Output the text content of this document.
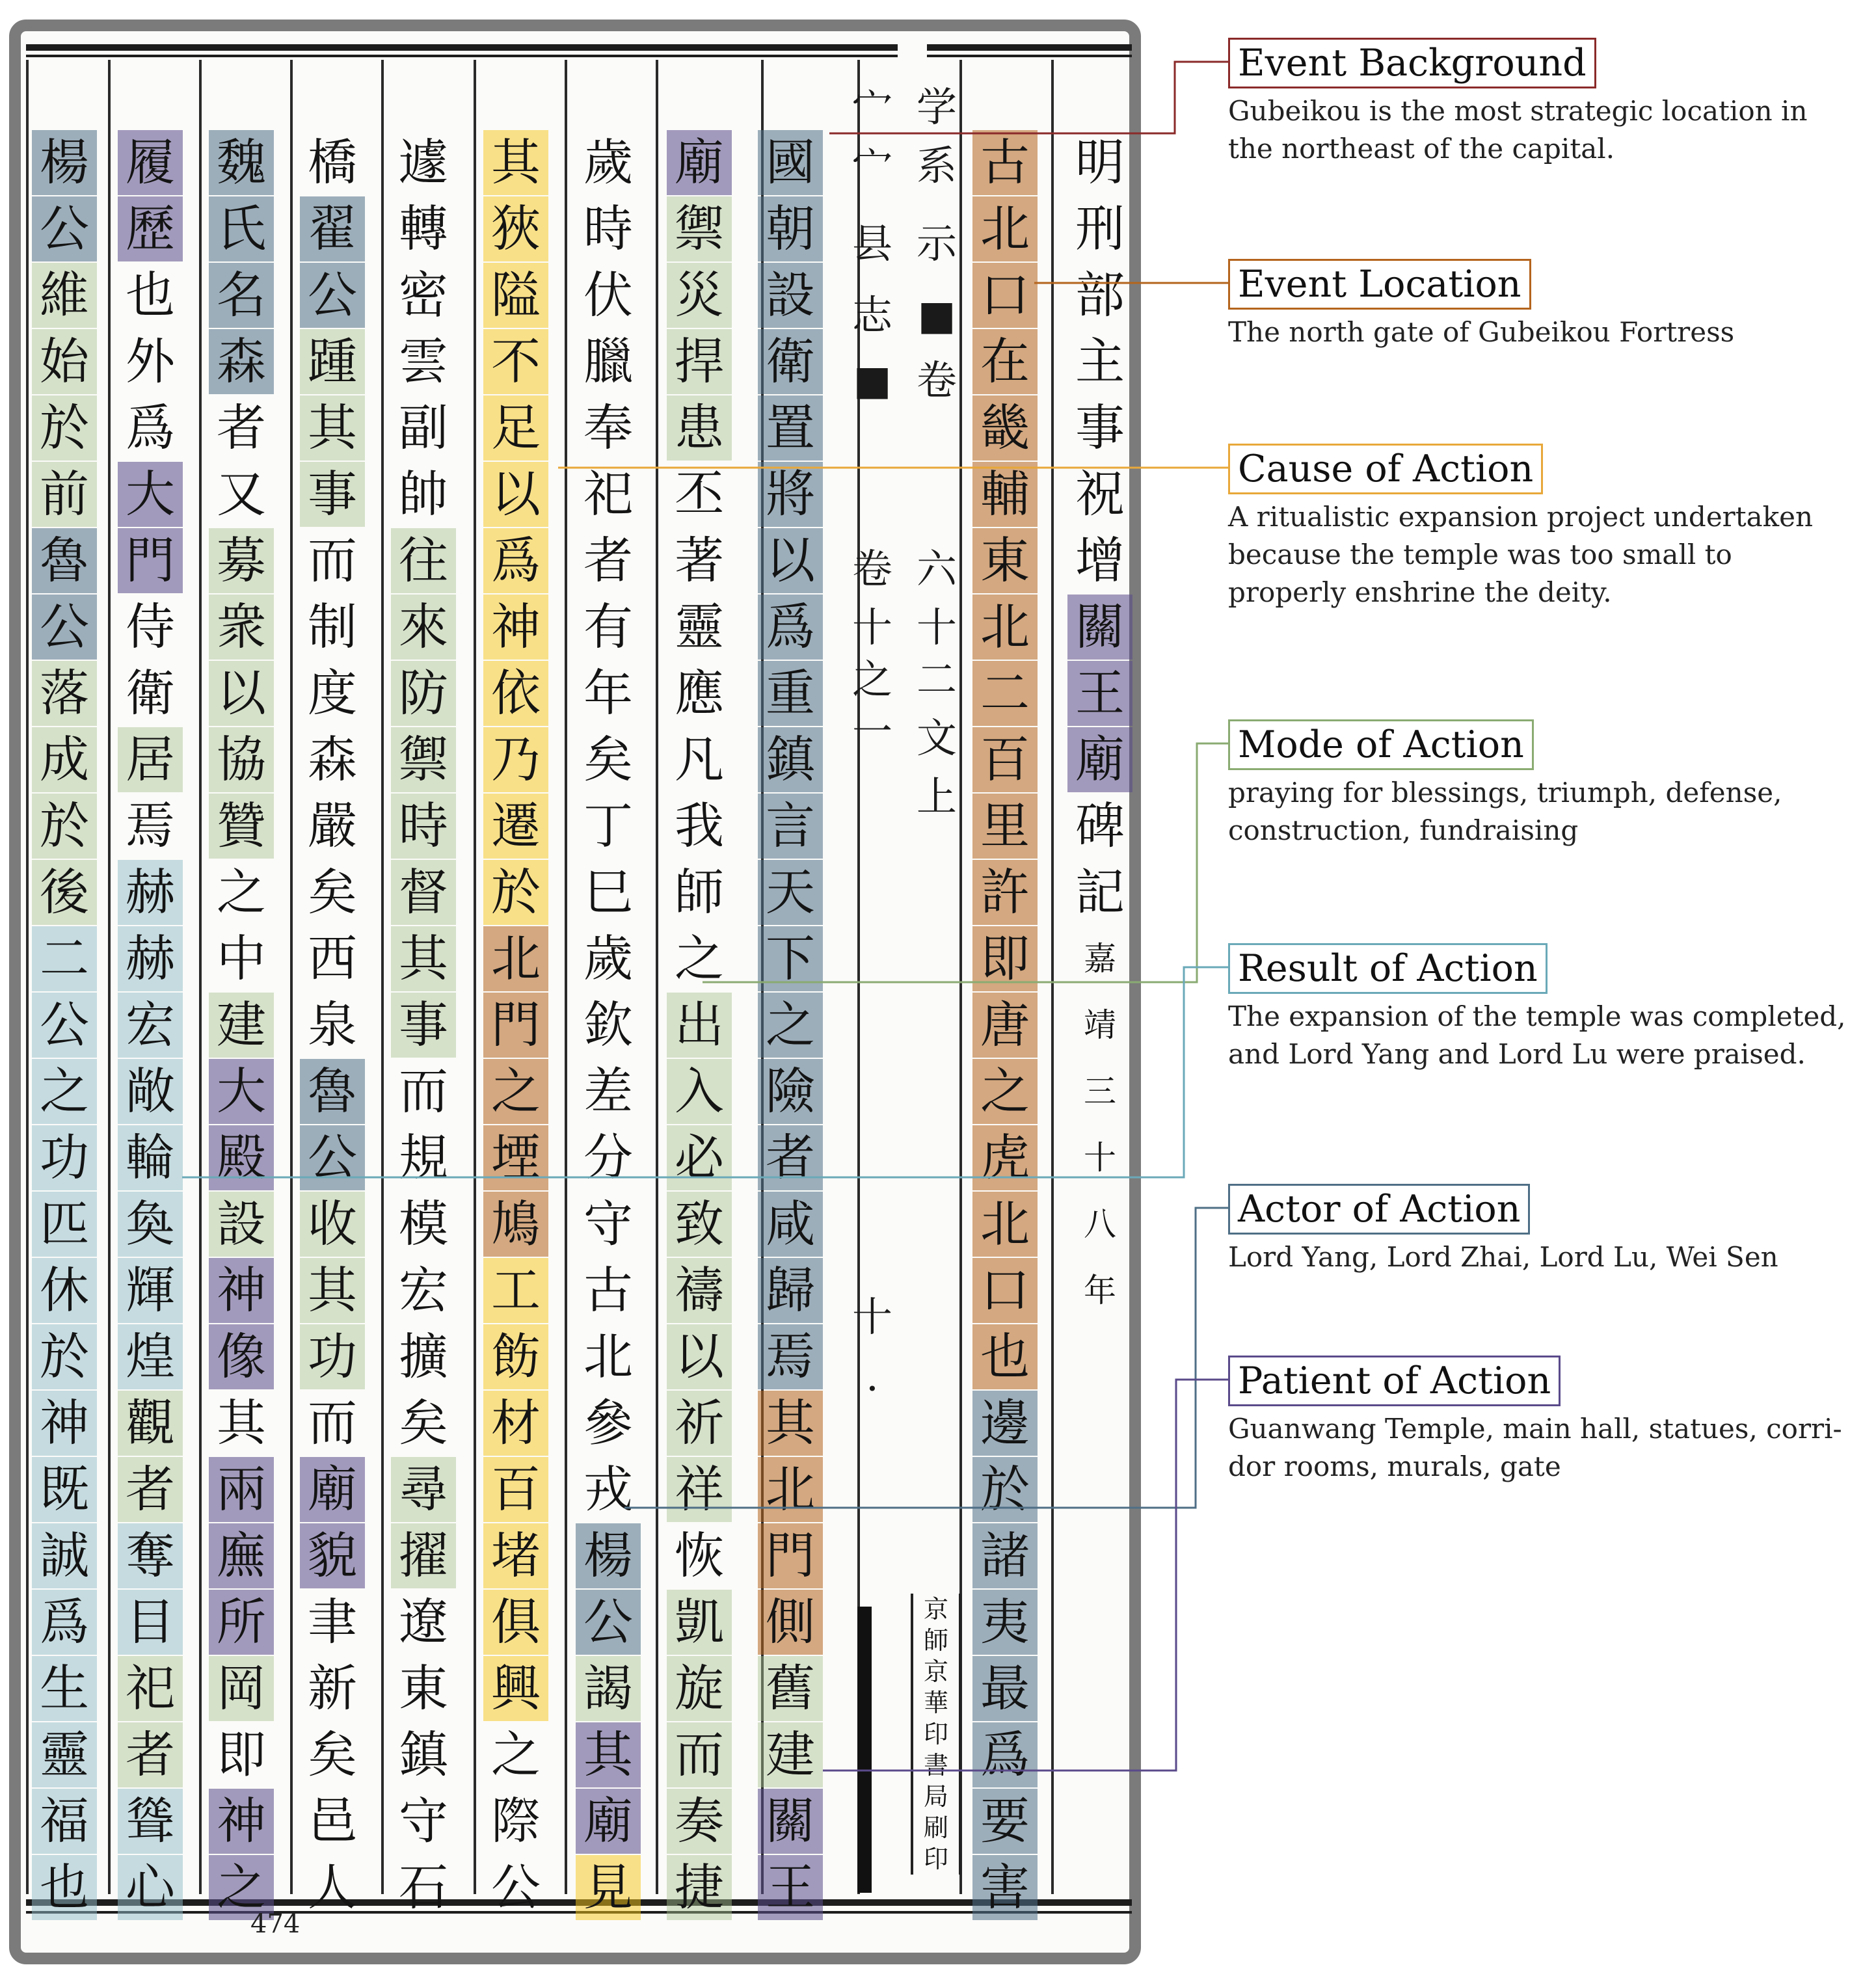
明
刑
部
主
事
祝
增
關
王
廟
碑
記
嘉
靖
三
十
八
年
古
北
口
在
畿
輔
東
北
二
百
里
許
即
唐
之
虎
北
口
也
邊
於
諸
夷
最
爲
要
害
國
朝
設
衛
置
將
以
爲
重
鎮
言
天
下
之
險
者
咸
歸
焉
其
北
門
側
舊
建
關
王
廟
禦
災
捍
患
丕
著
靈
應
凡
我
師
之
出
入
必
致
禱
以
祈
祥
恢
凱
旋
而
奏
捷
歲
時
伏
臘
奉
祀
者
有
年
矣
丁
巳
歲
欽
差
分
守
古
北
參
戎
楊
公
謁
其
廟
見
其
狹
隘
不
足
以
爲
神
依
乃
遷
於
北
門
之
堙
鳩
工
飭
材
百
堵
俱
興
之
際
公
遽
轉
密
雲
副
帥
往
來
防
禦
時
督
其
事
而
規
模
宏
擴
矣
尋
擢
遼
東
鎮
守
石
橋
翟
公
踵
其
事
而
制
度
森
嚴
矣
西
泉
魯
公
收
其
功
而
廟
貌
聿
新
矣
邑
人
魏
氏
名
森
者
又
募
衆
以
協
贊
之
中
建
大
殿
設
神
像
其
兩
廡
所
岡
即
神
之
履
歷
也
外
爲
大
門
侍
衛
居
焉
赫
赫
宏
敞
輪
奐
輝
煌
觀
者
奪
目
祀
者
聳
心
楊
公
維
始
於
前
魯
公
落
成
於
後
二
公
之
功
匹
休
於
神
既
誠
爲
生
靈
福
也
宀
宀
县
志
■
卷
十
之
一
十
·
学
系
示
■
卷
六
十
二
文
上
京
師
京
華
印
書
局
刷
印
474
Event Background
Gubeikou is the most strategic location in the northeast of the capital.
Event Location
The north gate of Gubeikou Fortress
Cause of Action
A ritualistic expansion project undertaken because the temple was too small to properly enshrine the deity.
Mode of Action
praying for blessings, triumph, defense, construction, fundraising
Result of Action
The expansion of the temple was completed, and Lord Yang and Lord Lu were praised.
Actor of Action
Lord Yang, Lord Zhai, Lord Lu, Wei Sen
Patient of Action
Guanwang Temple, main hall, statues, corri-dor rooms, murals, gate
